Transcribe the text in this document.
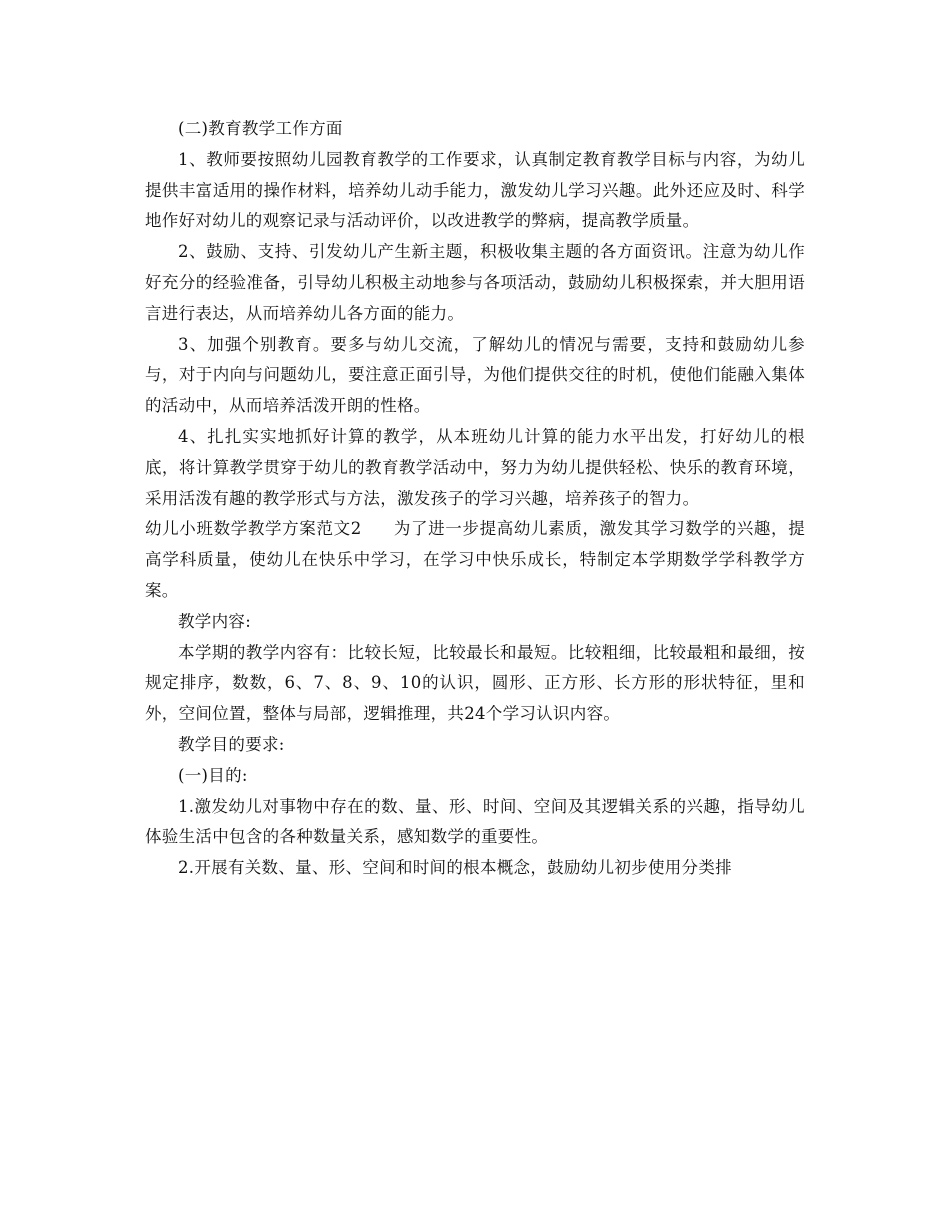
(二)教育教学工作方面

1、教师要按照幼儿园教育教学的工作要求，认真制定教育教学目标与内容，为幼儿提供丰富适用的操作材料，培养幼儿动手能力，激发幼儿学习兴趣。此外还应及时、科学地作好对幼儿的观察记录与活动评价，以改进教学的弊病，提高教学质量。

2、鼓励、支持、引发幼儿产生新主题，积极收集主题的各方面资讯。注意为幼儿作好充分的经验准备，引导幼儿积极主动地参与各项活动，鼓励幼儿积极探索，并大胆用语言进行表达，从而培养幼儿各方面的能力。

3、加强个别教育。要多与幼儿交流，了解幼儿的情况与需要，支持和鼓励幼儿参与，对于内向与问题幼儿，要注意正面引导，为他们提供交往的时机，使他们能融入集体的活动中，从而培养活泼开朗的性格。

4、扎扎实实地抓好计算的教学，从本班幼儿计算的能力水平出发，打好幼儿的根底，将计算教学贯穿于幼儿的教育教学活动中，努力为幼儿提供轻松、快乐的教育环境，采用活泼有趣的教学形式与方法，激发孩子的学习兴趣，培养孩子的智力。

幼儿小班数学教学方案范文2 为了进一步提高幼儿素质，激发其学习数学的兴趣，提高学科质量，使幼儿在快乐中学习，在学习中快乐成长，特制定本学期数学学科教学方案。

教学内容:

本学期的教学内容有：比较长短，比较最长和最短。比较粗细，比较最粗和最细，按规定排序，数数，6、7、8、9、10的认识，圆形、正方形、长方形的形状特征，里和外，空间位置，整体与局部，逻辑推理，共24个学习认识内容。

教学目的要求:

(一)目的:

1.激发幼儿对事物中存在的数、量、形、时间、空间及其逻辑关系的兴趣，指导幼儿体验生活中包含的各种数量关系，感知数学的重要性。

2.开展有关数、量、形、空间和时间的根本概念，鼓励幼儿初步使用分类排
